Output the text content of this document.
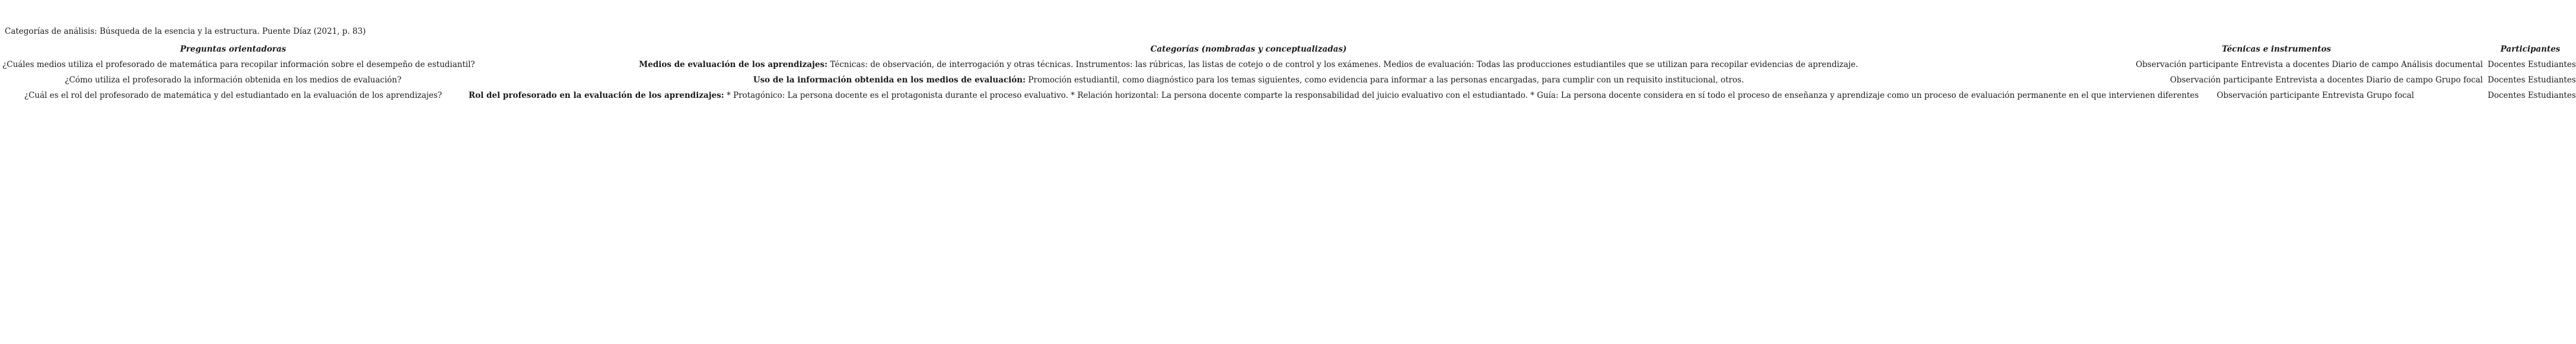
Categorías de análisis: Búsqueda de la esencia y la estructura. Puente Díaz (2021, p. 83)
Preguntas orientadoras	Categorías (nombradas y conceptualizadas)	Técnicas e instrumentos	Participantes
¿Cuáles medios utiliza el profesorado de matemática para recopilar información sobre el desempeño de estudiantil?	Medios de evaluación de los aprendizajes: Técnicas: de observación, de interrogación y otras técnicas. Instrumentos: las rúbricas, las listas de cotejo o de control y los exámenes. Medios de evaluación: Todas las producciones estudiantiles que se utilizan para recopilar evidencias de aprendizaje.	Observación participante Entrevista a docentes Diario de campo Análisis documental	Docentes Estudiantes
¿Cómo utiliza el profesorado la información obtenida en los medios de evaluación?	Uso de la información obtenida en los medios de evaluación: Promoción estudiantil, como diagnóstico para los temas siguientes, como evidencia para informar a las personas encargadas, para cumplir con un requisito institucional, otros.	Observación participante Entrevista a docentes Diario de campo Grupo focal	Docentes Estudiantes
¿Cuál es el rol del profesorado de matemática y del estudiantado en la evaluación de los aprendizajes?	Rol del profesorado en la evaluación de los aprendizajes: * Protagónico: La persona docente es el protagonista durante el proceso evaluativo. * Relación horizontal: La persona docente comparte la responsabilidad del juicio evaluativo con el estudiantado. * Guía: La persona docente considera en sí todo el proceso de enseñanza y aprendizaje como un proceso de evaluación permanente en el que intervienen diferentes	Observación participante Entrevista Grupo focal	Docentes Estudiantes
